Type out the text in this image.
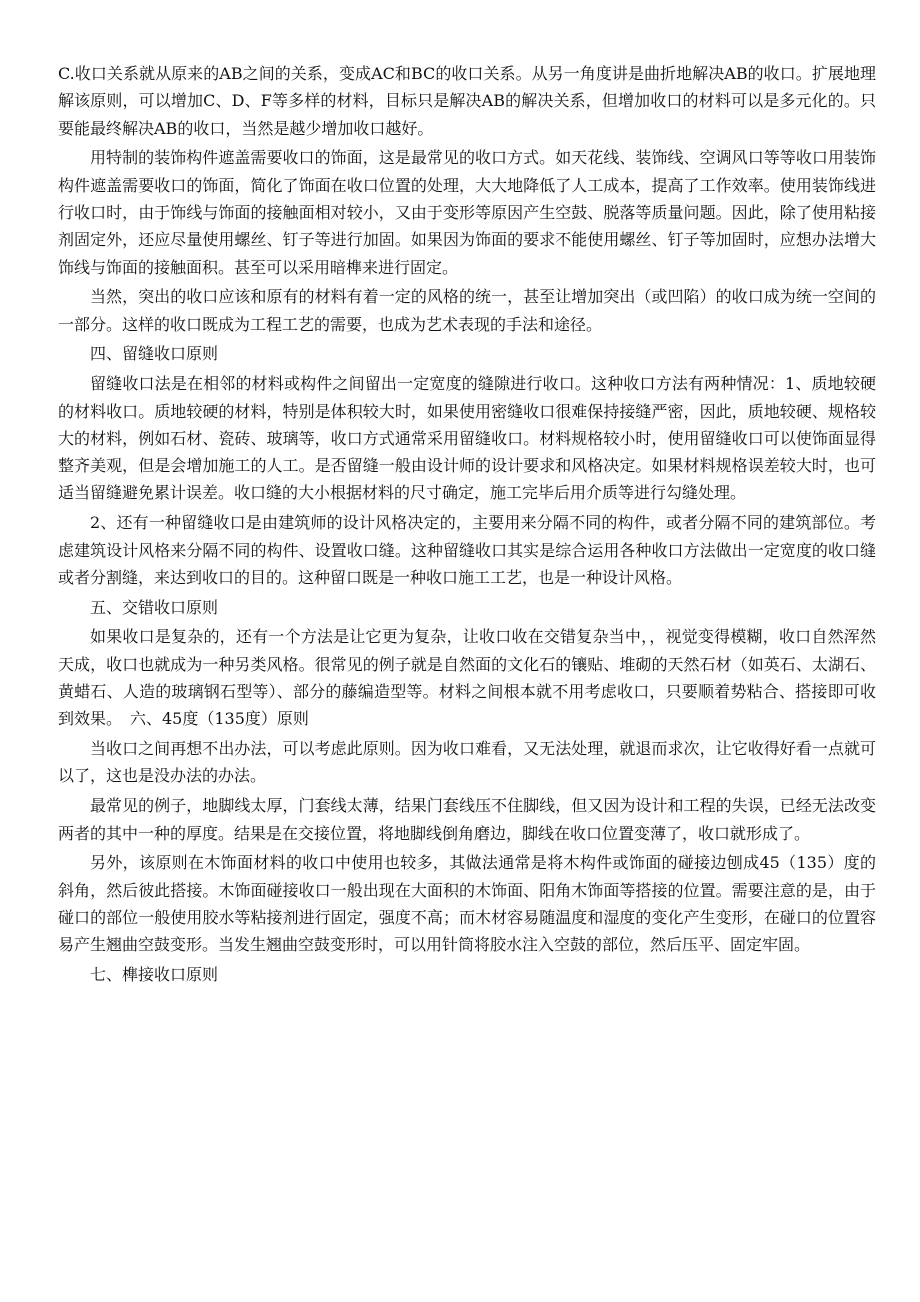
C.收口关系就从原来的AB之间的关系，变成AC和BC的收口关系。从另一角度讲是曲折地解决AB的收口。扩展地理解该原则，可以增加C、D、F等多样的材料，目标只是解决AB的解决关系，但增加收口的材料可以是多元化的。只要能最终解决AB的收口，当然是越少增加收口越好。

用特制的装饰构件遮盖需要收口的饰面，这是最常见的收口方式。如天花线、装饰线、空调风口等等收口用装饰构件遮盖需要收口的饰面，简化了饰面在收口位置的处理，大大地降低了人工成本，提高了工作效率。使用装饰线进行收口时，由于饰线与饰面的接触面相对较小，又由于变形等原因产生空鼓、脱落等质量问题。因此，除了使用粘接剂固定外，还应尽量使用螺丝、钉子等进行加固。如果因为饰面的要求不能使用螺丝、钉子等加固时，应想办法增大饰线与饰面的接触面积。甚至可以采用暗榫来进行固定。

当然，突出的收口应该和原有的材料有着一定的风格的统一，甚至让增加突出（或凹陷）的收口成为统一空间的一部分。这样的收口既成为工程工艺的需要，也成为艺术表现的手法和途径。

四、留缝收口原则

留缝收口法是在相邻的材料或构件之间留出一定宽度的缝隙进行收口。这种收口方法有两种情况：1、质地较硬的材料收口。质地较硬的材料，特别是体积较大时，如果使用密缝收口很难保持接缝严密，因此，质地较硬、规格较大的材料，例如石材、瓷砖、玻璃等，收口方式通常采用留缝收口。材料规格较小时，使用留缝收口可以使饰面显得整齐美观，但是会增加施工的人工。是否留缝一般由设计师的设计要求和风格决定。如果材料规格误差较大时，也可适当留缝避免累计误差。收口缝的大小根据材料的尺寸确定，施工完毕后用介质等进行勾缝处理。

2、还有一种留缝收口是由建筑师的设计风格决定的，主要用来分隔不同的构件，或者分隔不同的建筑部位。考虑建筑设计风格来分隔不同的构件、设置收口缝。这种留缝收口其实是综合运用各种收口方法做出一定宽度的收口缝或者分割缝，来达到收口的目的。这种留口既是一种收口施工工艺，也是一种设计风格。

五、交错收口原则

如果收口是复杂的，还有一个方法是让它更为复杂，让收口收在交错复杂当中，，视觉变得模糊，收口自然浑然天成，收口也就成为一种另类风格。很常见的例子就是自然面的文化石的镶贴、堆砌的天然石材（如英石、太湖石、黄蜡石、人造的玻璃钢石型等）、部分的藤编造型等。材料之间根本就不用考虑收口，只要顺着势粘合、搭接即可收到效果。　六、45度（135度）原则

当收口之间再想不出办法，可以考虑此原则。因为收口难看，又无法处理，就退而求次，让它收得好看一点就可以了，这也是没办法的办法。

最常见的例子，地脚线太厚，门套线太薄，结果门套线压不住脚线，但又因为设计和工程的失误，已经无法改变两者的其中一种的厚度。结果是在交接位置，将地脚线倒角磨边，脚线在收口位置变薄了，收口就形成了。

另外，该原则在木饰面材料的收口中使用也较多，其做法通常是将木构件或饰面的碰接边刨成45（135）度的斜角，然后彼此搭接。木饰面碰接收口一般出现在大面积的木饰面、阳角木饰面等搭接的位置。需要注意的是，由于碰口的部位一般使用胶水等粘接剂进行固定，强度不高；而木材容易随温度和湿度的变化产生变形，在碰口的位置容易产生翘曲空鼓变形。当发生翘曲空鼓变形时，可以用针筒将胶水注入空鼓的部位，然后压平、固定牢固。

七、榫接收口原则
